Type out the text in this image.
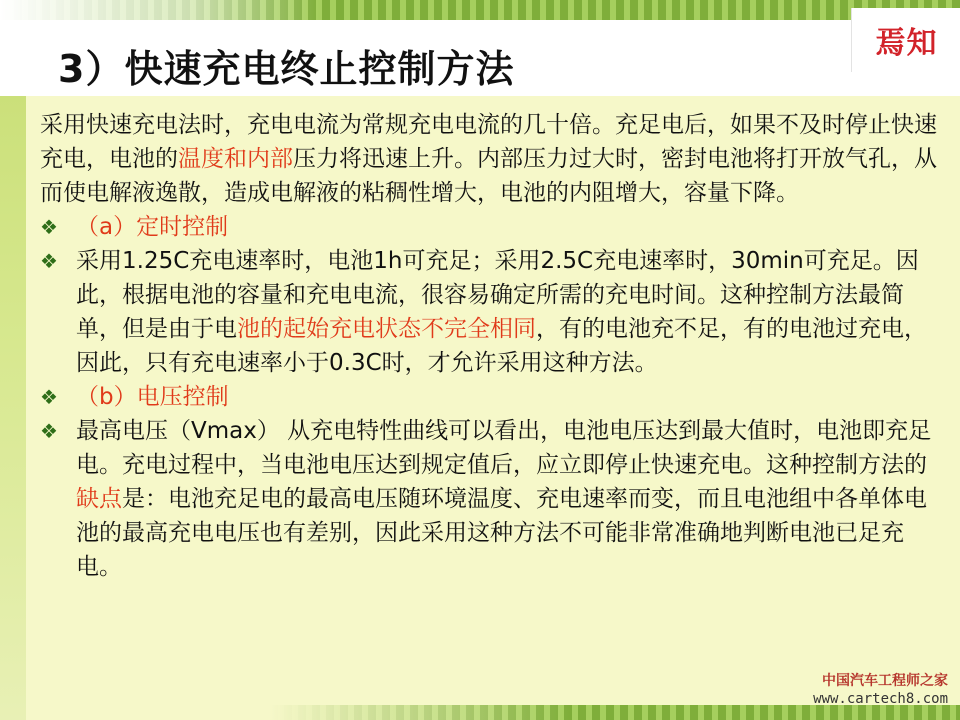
3）快速充电终止控制方法
焉知

采用快速充电法时，充电电流为常规充电电流的几十倍。充足电后，如果不及时停止快速充电，电池的温度和内部压力将迅速上升。内部压力过大时，密封电池将打开放气孔，从而使电解液逸散，造成电解液的粘稠性增大，电池的内阻增大，容量下降。

❖ （a）定时控制
❖ 采用1.25C充电速率时，电池1h可充足；采用2.5C充电速率时，30min可充足。因此，根据电池的容量和充电电流，很容易确定所需的充电时间。这种控制方法最简单，但是由于电池的起始充电状态不完全相同，有的电池充不足，有的电池过充电，因此，只有充电速率小于0.3C时，才允许采用这种方法。
❖ （b）电压控制
❖ 最高电压（Vmax） 从充电特性曲线可以看出，电池电压达到最大值时，电池即充足电。充电过程中，当电池电压达到规定值后，应立即停止快速充电。这种控制方法的缺点是：电池充足电的最高电压随环境温度、充电速率而变，而且电池组中各单体电池的最高充电电压也有差别，因此采用这种方法不可能非常准确地判断电池已足充电。
中国汽车工程师之家
www.cartech8.com
